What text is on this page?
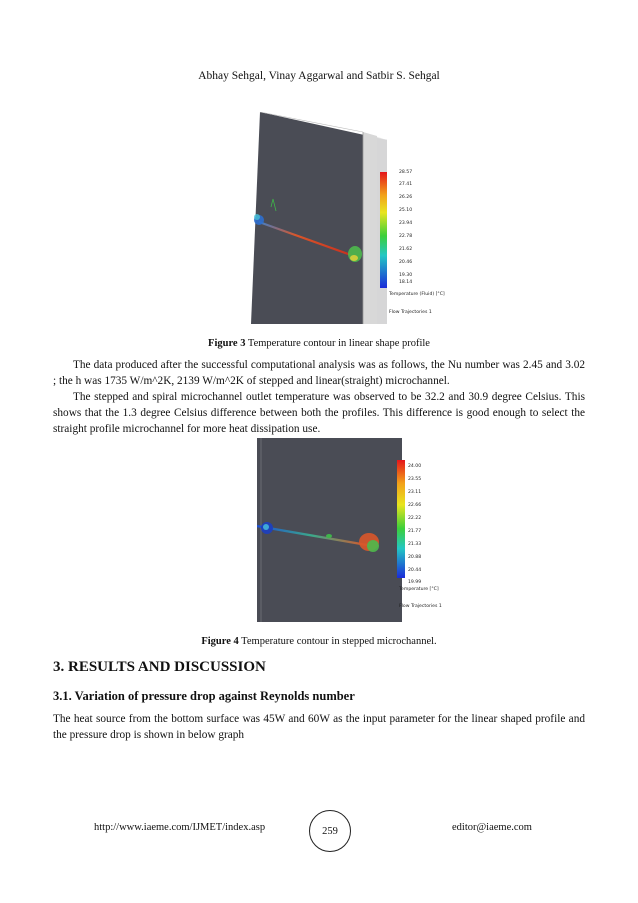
Abhay Sehgal, Vinay Aggarwal and Satbir S. Sehgal
28.57
27.41
26.26
25.10
23.94
22.78
21.62
20.46
19.30
18.14
Temperature (Fluid) [°C]
Flow Trajectories 1
Figure 3 Temperature contour in linear shape profile
The data produced after the successful computational analysis was as follows, the Nu number was 2.45 and 3.02 ; the h was 1735 W/m^2K, 2139 W/m^2K of stepped and linear(straight) microchannel.
The stepped and spiral microchannel outlet temperature was observed to be 32.2 and 30.9 degree Celsius. This shows that the 1.3 degree Celsius difference between both the profiles. This difference is good enough to select the straight profile microchannel for more heat dissipation use.
24.00
23.55
23.11
22.66
22.22
21.77
21.33
20.88
20.44
19.99
Temperature [°C]
Flow Trajectories 1
Figure 4 Temperature contour in stepped microchannel.
3. RESULTS AND DISCUSSION
3.1. Variation of pressure drop against Reynolds number
The heat source from the bottom surface was 45W and 60W as the input parameter for the linear shaped profile and the pressure drop is shown in below graph
http://www.iaeme.com/IJMET/index.asp	259	editor@iaeme.com
